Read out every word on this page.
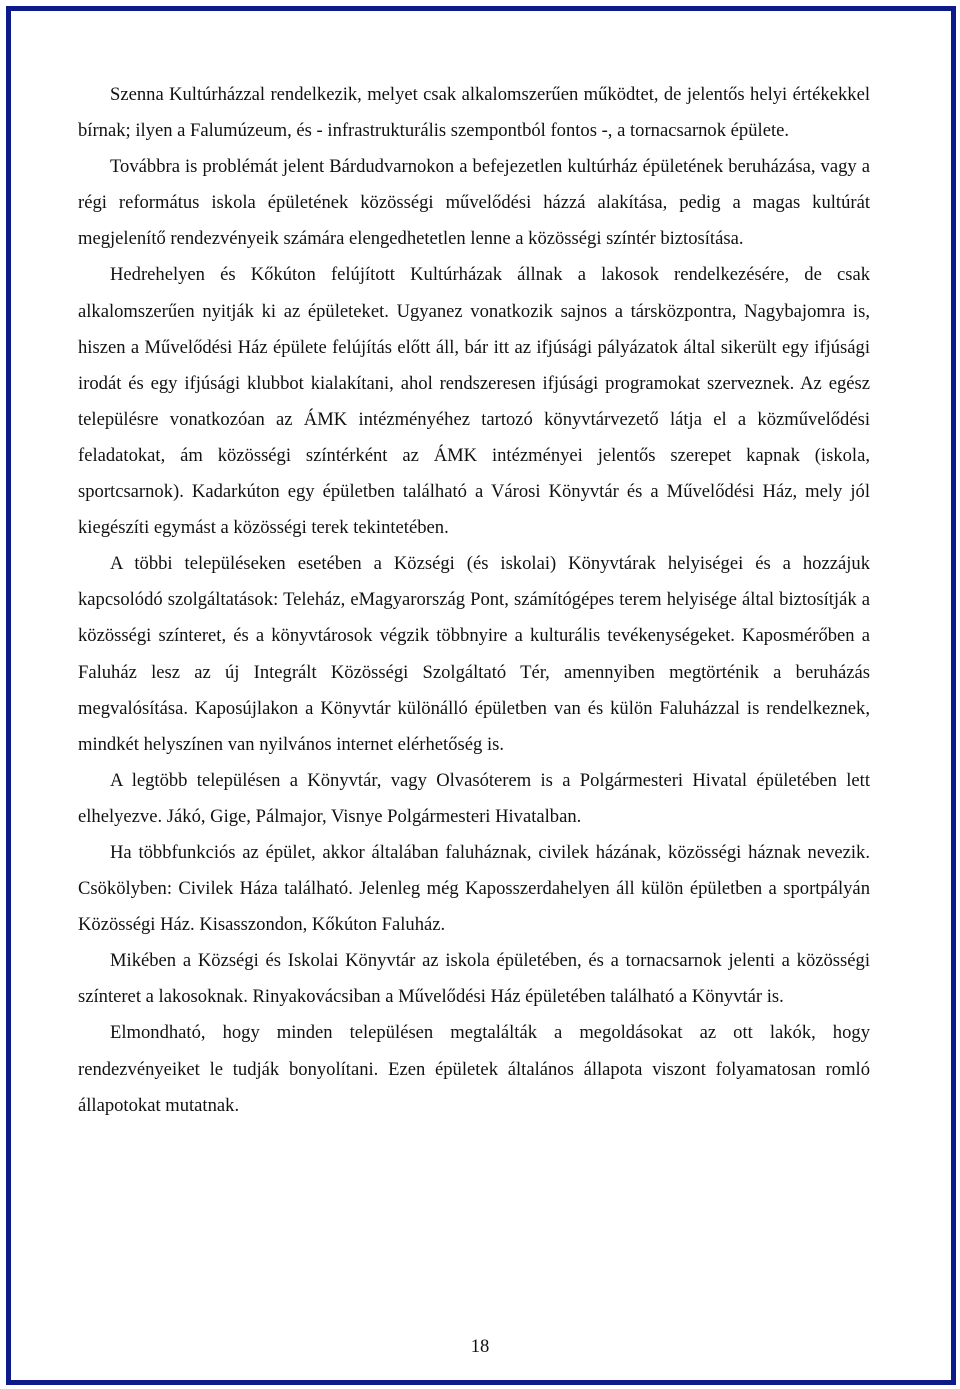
Szenna Kultúrházzal rendelkezik, melyet csak alkalomszerűen működtet, de jelentős helyi értékekkel bírnak; ilyen a Falumúzeum, és - infrastrukturális szempontból fontos -, a tornacsarnok épülete.

Továbbra is problémát jelent Bárdudvarnokon a befejezetlen kultúrház épületének beruházása, vagy a régi református iskola épületének közösségi művelődési házzá alakítása, pedig a magas kultúrát megjelenítő rendezvényeik számára elengedhetetlen lenne a közösségi színtér biztosítása.

Hedrehelyen és Kőkúton felújított Kultúrházak állnak a lakosok rendelkezésére, de csak alkalomszerűen nyitják ki az épületeket. Ugyanez vonatkozik sajnos a társközpontra, Nagybajomra is, hiszen a Művelődési Ház épülete felújítás előtt áll, bár itt az ifjúsági pályázatok által sikerült egy ifjúsági irodát és egy ifjúsági klubbot kialakítani, ahol rendszeresen ifjúsági programokat szerveznek. Az egész településre vonatkozóan az ÁMK intézményéhez tartozó könyvtárvezető látja el a közművelődési feladatokat, ám közösségi színtérként az ÁMK intézményei jelentős szerepet kapnak (iskola, sportcsarnok). Kadarkúton egy épületben található a Városi Könyvtár és a Művelődési Ház, mely jól kiegészíti egymást a közösségi terek tekintetében.

A többi településeken esetében a Községi (és iskolai) Könyvtárak helyiségei és a hozzájuk kapcsolódó szolgáltatások: Teleház, eMagyarország Pont, számítógépes terem helyisége által biztosítják a közösségi színteret, és a könyvtárosok végzik többnyire a kulturális tevékenységeket. Kaposmérőben a Faluház lesz az új Integrált Közösségi Szolgáltató Tér, amennyiben megtörténik a beruházás megvalósítása. Kaposújlakon a Könyvtár különálló épületben van és külön Faluházzal is rendelkeznek, mindkét helyszínen van nyilvános internet elérhetőség is.

A legtöbb településen a Könyvtár, vagy Olvasóterem is a Polgármesteri Hivatal épületében lett elhelyezve. Jákó, Gige, Pálmajor, Visnye Polgármesteri Hivatalban.

Ha többfunkciós az épület, akkor általában faluháznak, civilek házának, közösségi háznak nevezik. Csökölyben: Civilek Háza található. Jelenleg még Kaposszerdahelyen áll külön épületben a sportpályán Közösségi Ház. Kisasszondon, Kőkúton Faluház.

Mikében a Községi és Iskolai Könyvtár az iskola épületében, és a tornacsarnok jelenti a közösségi színteret a lakosoknak. Rinyakovácsiban a Művelődési Ház épületében található a Könyvtár is.

Elmondható, hogy minden településen megtalálták a megoldásokat az ott lakók, hogy rendezvényeiket le tudják bonyolítani. Ezen épületek általános állapota viszont folyamatosan romló állapotokat mutatnak.

18
